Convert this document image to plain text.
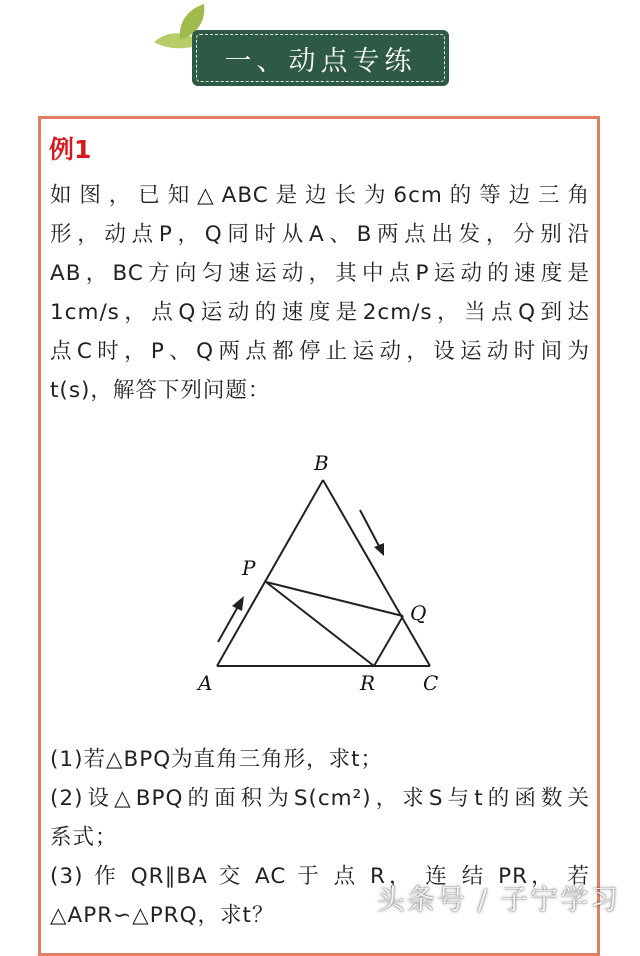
一、动点专练
例1

如图，已知△ABC是边长为6cm的等边三角

形，动点P，Q同时从A、B两点出发，分别沿

AB，BC方向匀速运动，其中点P运动的速度是

1cm/s，点Q运动的速度是2cm/s，当点Q到达

点C时，P、Q两点都停止运动，设运动时间为

t(s)，解答下列问题：

B
P
Q
A	R C

(1)若△BPQ为直角三角形，求t；

(2)设△BPQ的面积为S(cm²)，求S与t的函数关

系式；

(3) 作 QR∥BA 交 AC 于 点 R， 连 结 PR， 若

△APR∽△PRQ，求t？	头条号 / 子宁学习
